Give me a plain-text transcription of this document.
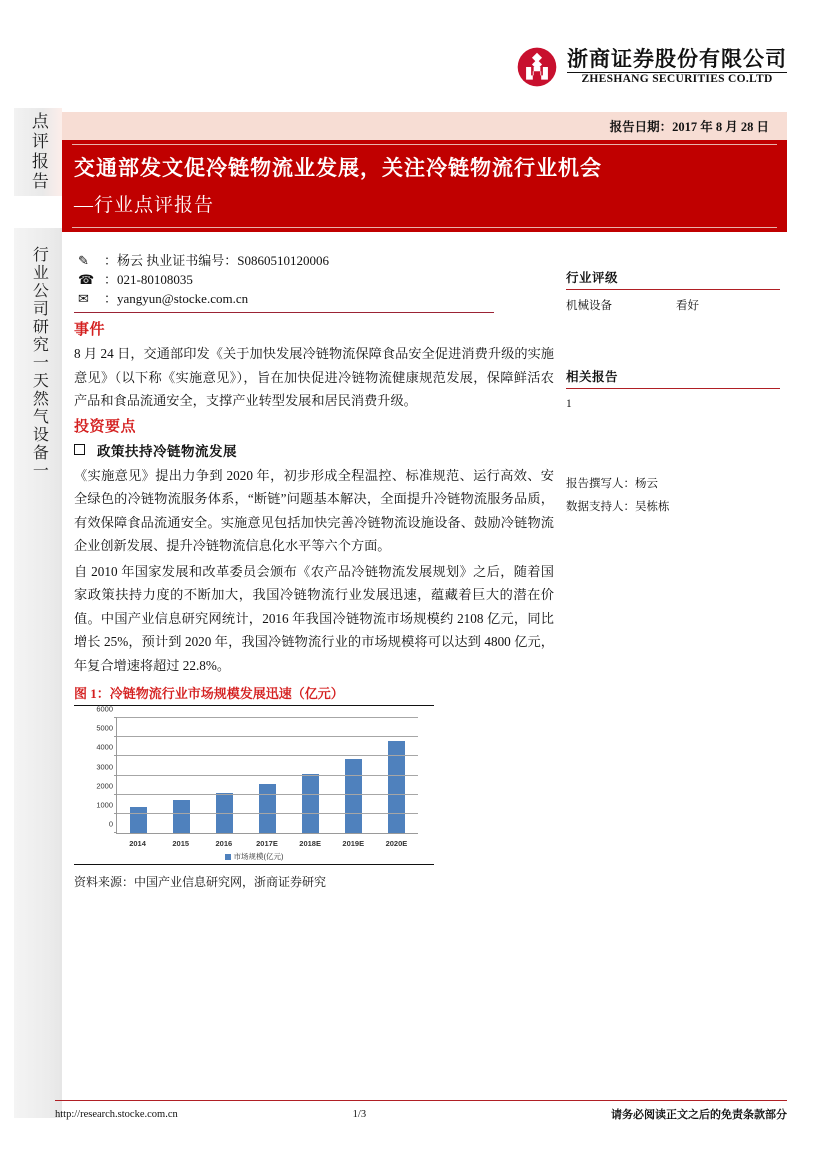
点评报告
行业公司研究一天然气设备一
浙商证券股份有限公司
ZHESHANG SECURITIES CO.LTD
报告日期：2017 年 8 月 28 日
交通部发文促冷链物流业发展，关注冷链物流行业机会
—行业点评报告
✎	：杨云 执业证书编号：S0860510120006
☎ ：021-80108035
✉	：yangyun@stocke.com.cn
事件

8 月 24 日，交通部印发《关于加快发展冷链物流保障食品安全促进消费升级的实施意见》（以下称《实施意见》），旨在加快促进冷链物流健康规范发展，保障鲜活农产品和食品流通安全，支撑产业转型发展和居民消费升级。

投资要点
政策扶持冷链物流发展

《实施意见》提出力争到 2020 年，初步形成全程温控、标准规范、运行高效、安全绿色的冷链物流服务体系，“断链”问题基本解决，全面提升冷链物流服务品质，有效保障食品流通安全。实施意见包括加快完善冷链物流设施设备、鼓励冷链物流企业创新发展、提升冷链物流信息化水平等六个方面。

自 2010 年国家发展和改革委员会颁布《农产品冷链物流发展规划》之后，随着国家政策扶持力度的不断加大，我国冷链物流行业发展迅速，蕴藏着巨大的潜在价值。中国产业信息研究网统计，2016 年我国冷链物流市场规模约 2108 亿元，同比增长 25%，预计到 2020 年，我国冷链物流行业的市场规模将可以达到 4800 亿元，年复合增速将超过 22.8%。

图 1：冷链物流行业市场规模发展迅速（亿元）
0
1000
2000
3000
4000
5000
6000
2014	2015	2016	2017E	2018E	2019E	2020E
市场规模(亿元)
资料来源：中国产业信息研究网，浙商证券研究
行业评级
机械设备	看好
相关报告
1
报告撰写人：杨云
数据支持人：吴栋栋
http://research.stocke.com.cn	1/3	请务必阅读正文之后的免责条款部分
